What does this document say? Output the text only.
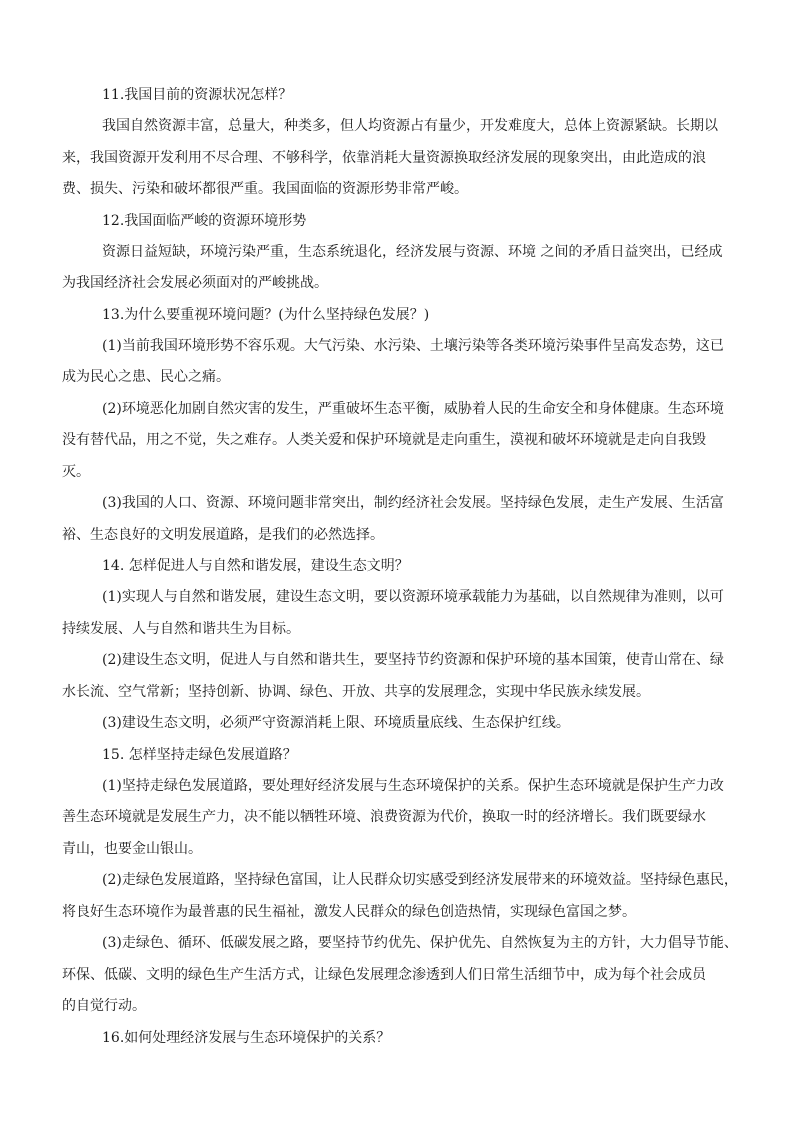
11.我国目前的资源状况怎样？
我国自然资源丰富，总量大，种类多，但人均资源占有量少，开发难度大，总体上资源紧缺。长期以
来，我国资源开发利用不尽合理、不够科学，依靠消耗大量资源换取经济发展的现象突出，由此造成的浪
费、损失、污染和破坏都很严重。我国面临的资源形势非常严峻。
12.我国面临严峻的资源环境形势
资源日益短缺，环境污染严重，生态系统退化，经济发展与资源、环境 之间的矛盾日益突出，已经成
为我国经济社会发展必须面对的严峻挑战。
13.为什么要重视环境问题？(为什么坚持绿色发展？)
(1)当前我国环境形势不容乐观。大气污染、水污染、土壤污染等各类环境污染事件呈高发态势，这已
成为民心之患、民心之痛。
(2)环境恶化加剧自然灾害的发生，严重破坏生态平衡，威胁着人民的生命安全和身体健康。生态环境
没有替代品，用之不觉，失之难存。人类关爱和保护环境就是走向重生，漠视和破坏环境就是走向自我毁
灭。
(3)我国的人口、资源、环境问题非常突出，制约经济社会发展。坚持绿色发展，走生产发展、生活富
裕、生态良好的文明发展道路，是我们的必然选择。
14. 怎样促进人与自然和谐发展，建设生态文明？
(1)实现人与自然和谐发展，建设生态文明，要以资源环境承载能力为基础，以自然规律为准则，以可
持续发展、人与自然和谐共生为目标。
(2)建设生态文明，促进人与自然和谐共生，要坚持节约资源和保护环境的基本国策，使青山常在、绿
水长流、空气常新；坚持创新、协调、绿色、开放、共享的发展理念，实现中华民族永续发展。
(3)建设生态文明，必须严守资源消耗上限、环境质量底线、生态保护红线。
15. 怎样坚持走绿色发展道路？
(1)坚持走绿色发展道路，要处理好经济发展与生态环境保护的关系。保护生态环境就是保护生产力改
善生态环境就是发展生产力，决不能以牺牲环境、浪费资源为代价，换取一时的经济增长。我们既要绿水
青山，也要金山银山。
(2)走绿色发展道路，坚持绿色富国，让人民群众切实感受到经济发展带来的环境效益。坚持绿色惠民，
将良好生态环境作为最普惠的民生福祉，激发人民群众的绿色创造热情，实现绿色富国之梦。
(3)走绿色、循环、低碳发展之路，要坚持节约优先、保护优先、自然恢复为主的方针，大力倡导节能、
环保、低碳、文明的绿色生产生活方式，让绿色发展理念渗透到人们日常生活细节中，成为每个社会成员
的自觉行动。
16.如何处理经济发展与生态环境保护的关系？
